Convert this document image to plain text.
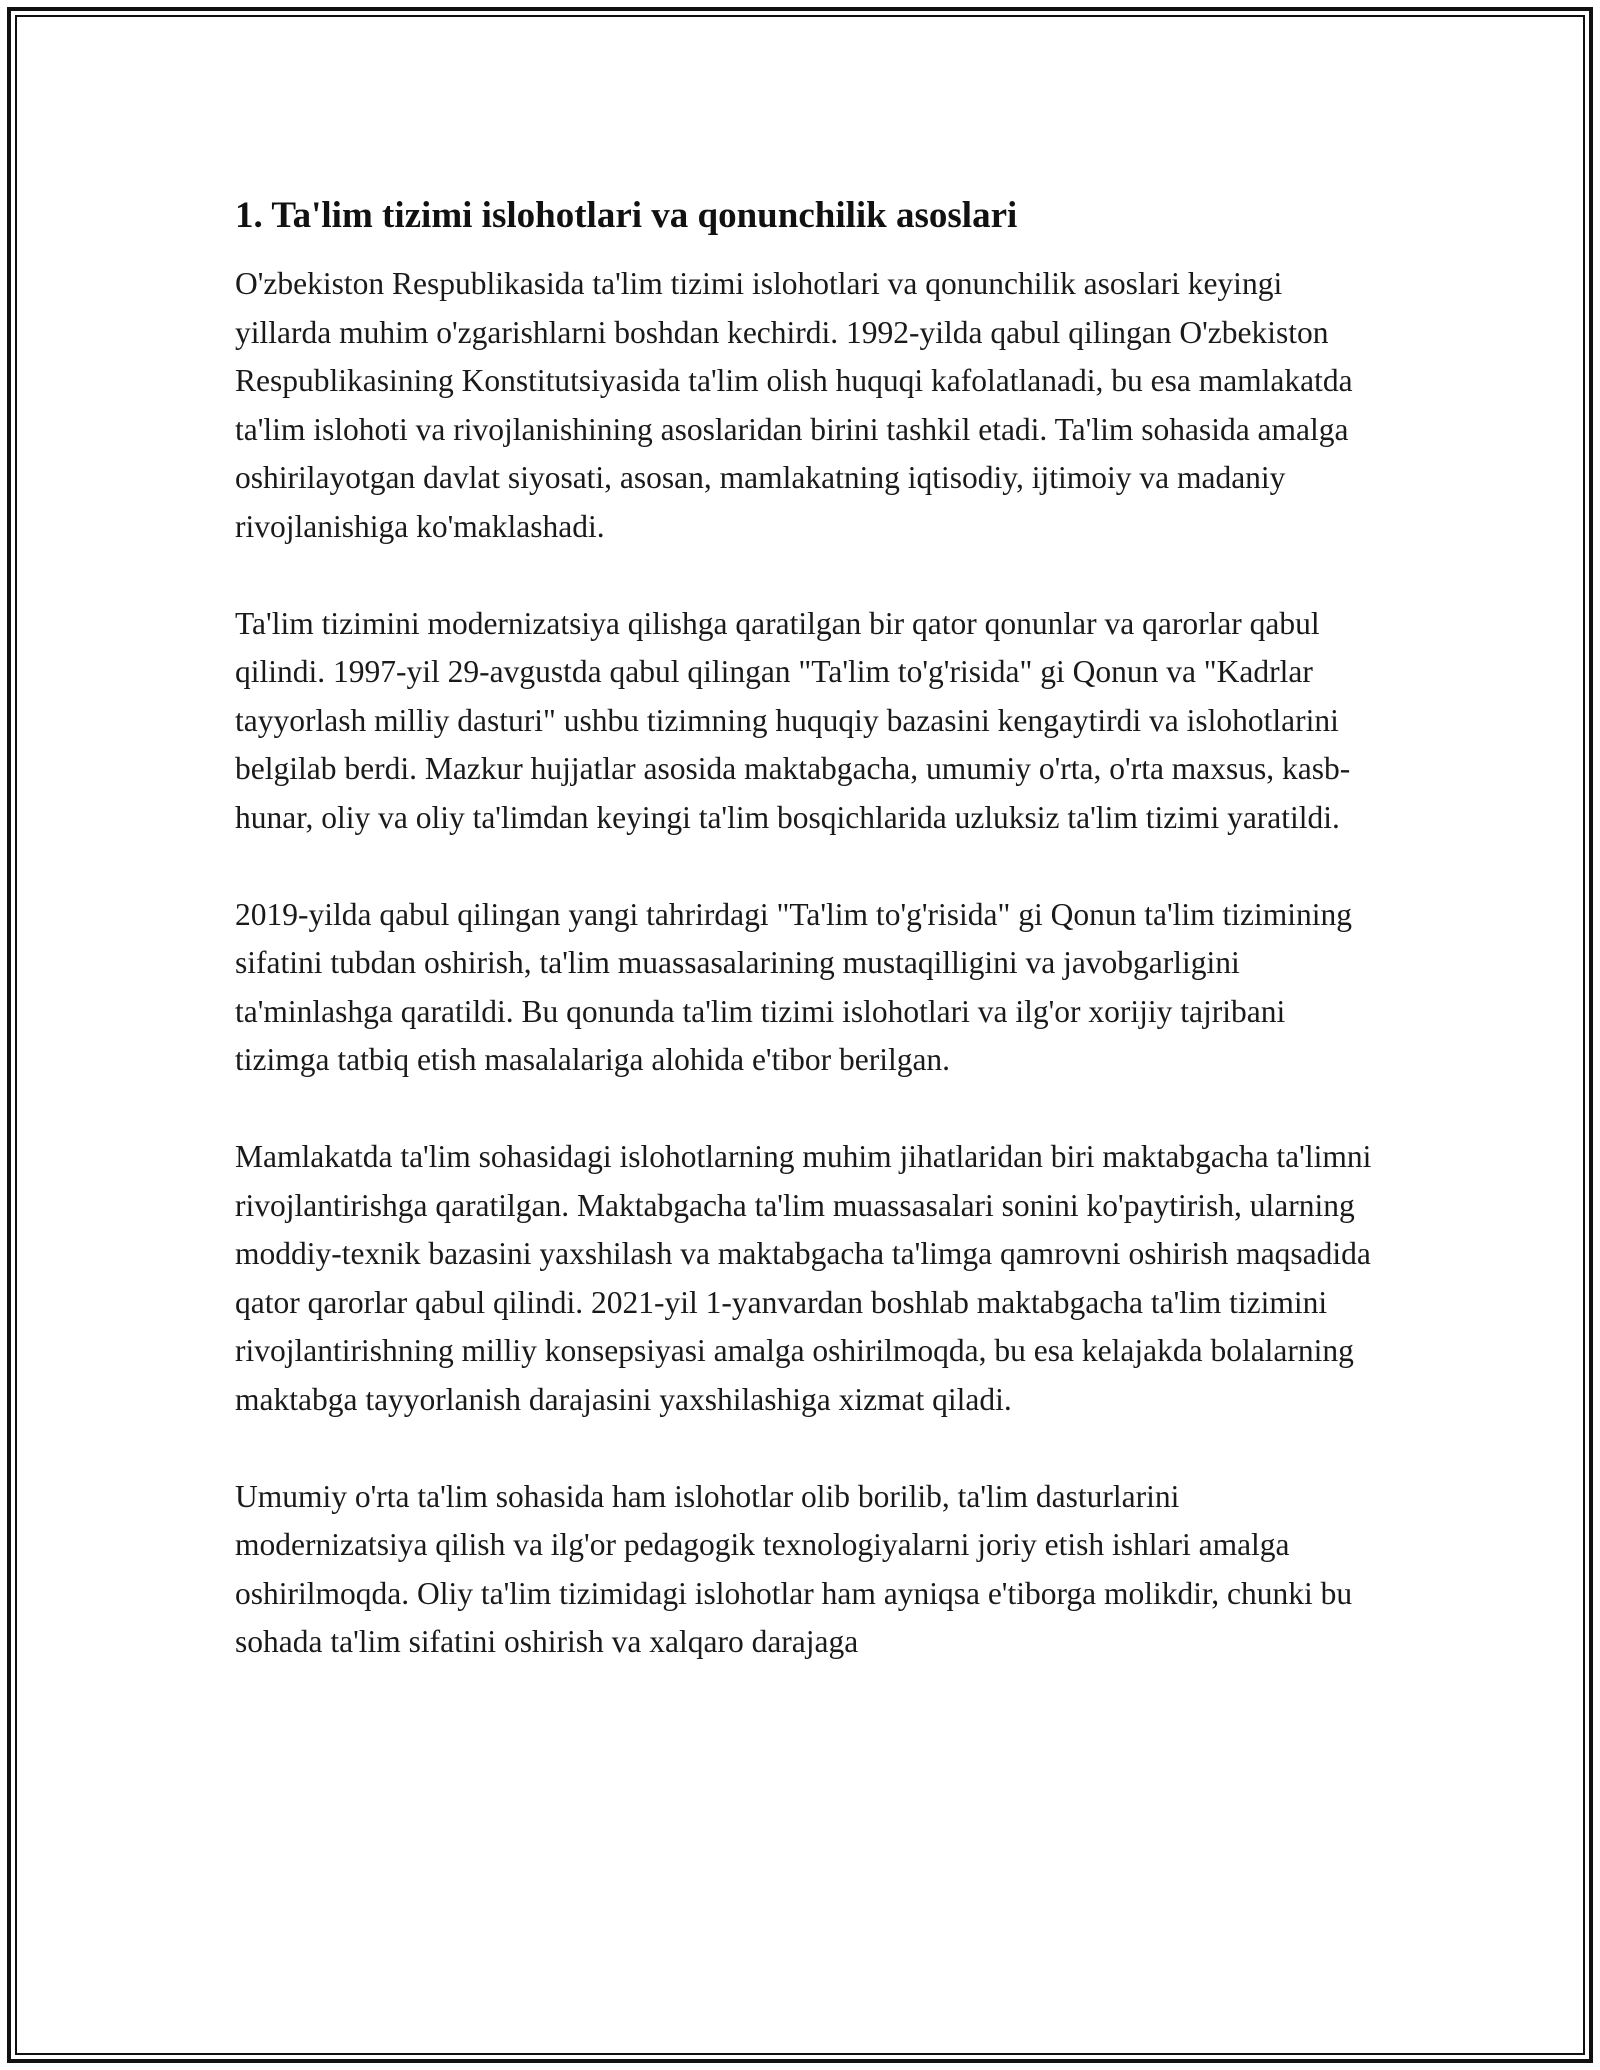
1. Ta'lim tizimi islohotlari va qonunchilik asoslari

O'zbekiston Respublikasida ta'lim tizimi islohotlari va qonunchilik asoslari keyingi yillarda muhim o'zgarishlarni boshdan kechirdi. 1992-yilda qabul qilingan O'zbekiston Respublikasining Konstitutsiyasida ta'lim olish huquqi kafolatlanadi, bu esa mamlakatda ta'lim islohoti va rivojlanishining asoslaridan birini tashkil etadi. Ta'lim sohasida amalga oshirilayotgan davlat siyosati, asosan, mamlakatning iqtisodiy, ijtimoiy va madaniy rivojlanishiga ko'maklashadi.

Ta'lim tizimini modernizatsiya qilishga qaratilgan bir qator qonunlar va qarorlar qabul qilindi. 1997-yil 29-avgustda qabul qilingan "Ta'lim to'g'risida" gi Qonun va "Kadrlar tayyorlash milliy dasturi" ushbu tizimning huquqiy bazasini kengaytirdi va islohotlarini belgilab berdi. Mazkur hujjatlar asosida maktabgacha, umumiy o'rta, o'rta maxsus, kasb-hunar, oliy va oliy ta'limdan keyingi ta'lim bosqichlarida uzluksiz ta'lim tizimi yaratildi.

2019-yilda qabul qilingan yangi tahrirdagi "Ta'lim to'g'risida" gi Qonun ta'lim tizimining sifatini tubdan oshirish, ta'lim muassasalarining mustaqilligini va javobgarligini ta'minlashga qaratildi. Bu qonunda ta'lim tizimi islohotlari va ilg'or xorijiy tajribani tizimga tatbiq etish masalalariga alohida e'tibor berilgan.

Mamlakatda ta'lim sohasidagi islohotlarning muhim jihatlaridan biri maktabgacha ta'limni rivojlantirishga qaratilgan. Maktabgacha ta'lim muassasalari sonini ko'paytirish, ularning moddiy-texnik bazasini yaxshilash va maktabgacha ta'limga qamrovni oshirish maqsadida qator qarorlar qabul qilindi. 2021-yil 1-yanvardan boshlab maktabgacha ta'lim tizimini rivojlantirishning milliy konsepsiyasi amalga oshirilmoqda, bu esa kelajakda bolalarning maktabga tayyorlanish darajasini yaxshilashiga xizmat qiladi.

Umumiy o'rta ta'lim sohasida ham islohotlar olib borilib, ta'lim dasturlarini modernizatsiya qilish va ilg'or pedagogik texnologiyalarni joriy etish ishlari amalga oshirilmoqda. Oliy ta'lim tizimidagi islohotlar ham ayniqsa e'tiborga molikdir, chunki bu sohada ta'lim sifatini oshirish va xalqaro darajaga
